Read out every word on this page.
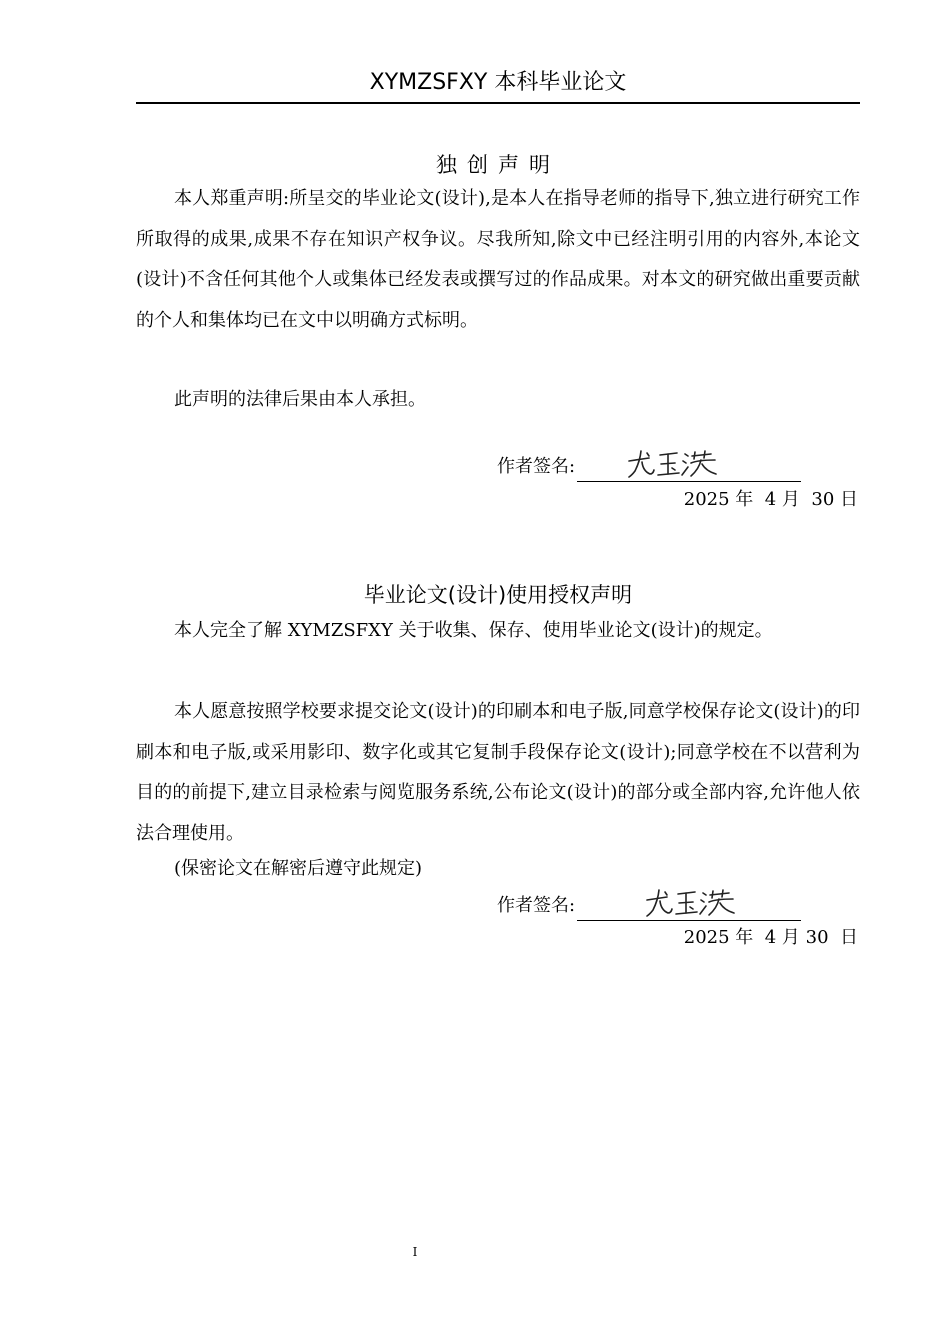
XYMZSFXY 本科毕业论文
独创声明

本人郑重声明:所呈交的毕业论文(设计),是本人在指导老师的指导下,独立进行研究工作所取得的成果,成果不存在知识产权争议。尽我所知,除文中已经注明引用的内容外,本论文(设计)不含任何其他个人或集体已经发表或撰写过的作品成果。对本文的研究做出重要贡献的个人和集体均已在文中以明确方式标明。

此声明的法律后果由本人承担。

作者签名:
2025 年  4 月  30 日
毕业论文(设计)使用授权声明

本人完全了解 XYMZSFXY 关于收集、保存、使用毕业论文(设计)的规定。

本人愿意按照学校要求提交论文(设计)的印刷本和电子版,同意学校保存论文(设计)的印刷本和电子版,或采用影印、数字化或其它复制手段保存论文(设计);同意学校在不以营利为目的的前提下,建立目录检索与阅览服务系统,公布论文(设计)的部分或全部内容,允许他人依法合理使用。

(保密论文在解密后遵守此规定)

作者签名:
2025 年  4 月 30  日
I
